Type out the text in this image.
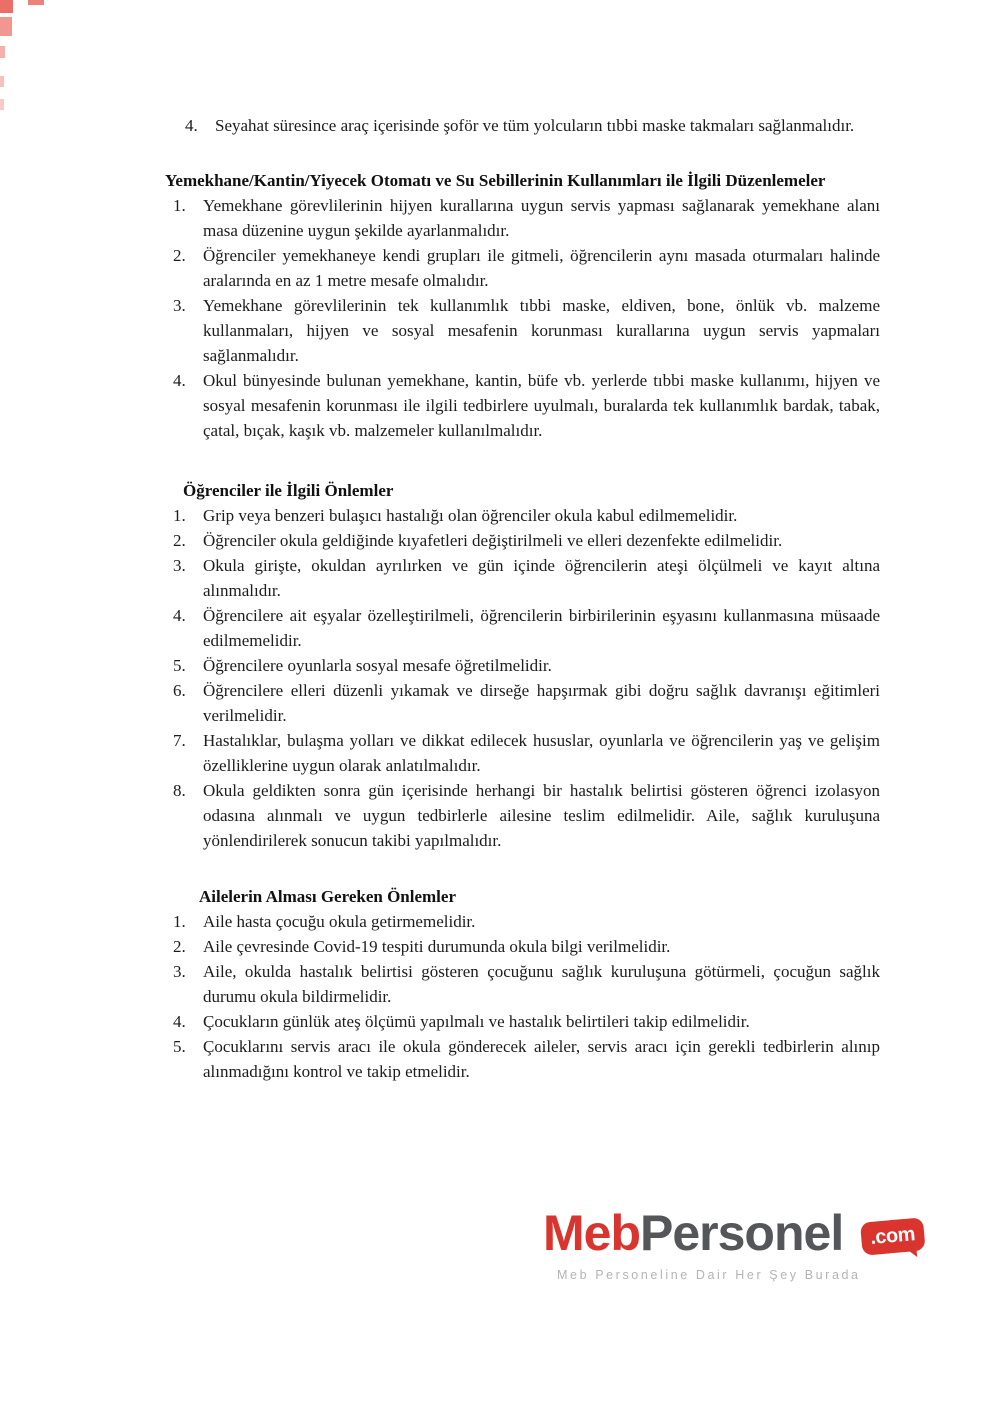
4.	Seyahat süresince araç içerisinde şoför ve tüm yolcuların tıbbi maske takmaları sağlanmalıdır.
Yemekhane/Kantin/Yiyecek Otomatı ve Su Sebillerinin Kullanımları ile İlgili Düzenlemeler
1.	Yemekhane görevlilerinin hijyen kurallarına uygun servis yapması sağlanarak yemekhane alanı masa düzenine uygun şekilde ayarlanmalıdır.
2.	Öğrenciler yemekhaneye kendi grupları ile gitmeli, öğrencilerin aynı masada oturmaları halinde aralarında en az 1 metre mesafe olmalıdır.
3.	Yemekhane görevlilerinin tek kullanımlık tıbbi maske, eldiven, bone, önlük vb. malzeme kullanmaları, hijyen ve sosyal mesafenin korunması kurallarına uygun servis yapmaları sağlanmalıdır.
4.	Okul bünyesinde bulunan yemekhane, kantin, büfe vb. yerlerde tıbbi maske kullanımı, hijyen ve sosyal mesafenin korunması ile ilgili tedbirlere uyulmalı, buralarda tek kullanımlık bardak, tabak, çatal, bıçak, kaşık vb. malzemeler kullanılmalıdır.
Öğrenciler ile İlgili Önlemler
1.	Grip veya benzeri bulaşıcı hastalığı olan öğrenciler okula kabul edilmemelidir.
2.	Öğrenciler okula geldiğinde kıyafetleri değiştirilmeli ve elleri dezenfekte edilmelidir.
3.	Okula girişte, okuldan ayrılırken ve gün içinde öğrencilerin ateşi ölçülmeli ve kayıt altına alınmalıdır.
4.	Öğrencilere ait eşyalar özelleştirilmeli, öğrencilerin birbirilerinin eşyasını kullanmasına müsaade edilmemelidir.
5.	Öğrencilere oyunlarla sosyal mesafe öğretilmelidir.
6.	Öğrencilere elleri düzenli yıkamak ve dirseğe hapşırmak gibi doğru sağlık davranışı eğitimleri verilmelidir.
7.	Hastalıklar, bulaşma yolları ve dikkat edilecek hususlar, oyunlarla ve öğrencilerin yaş ve gelişim özelliklerine uygun olarak anlatılmalıdır.
8.	Okula geldikten sonra gün içerisinde herhangi bir hastalık belirtisi gösteren öğrenci izolasyon odasına alınmalı ve uygun tedbirlerle ailesine teslim edilmelidir. Aile, sağlık kuruluşuna yönlendirilerek sonucun takibi yapılmalıdır.
Ailelerin Alması Gereken Önlemler
1.	Aile hasta çocuğu okula getirmemelidir.
2.	Aile çevresinde Covid-19 tespiti durumunda okula bilgi verilmelidir.
3.	Aile, okulda hastalık belirtisi gösteren çocuğunu sağlık kuruluşuna götürmeli, çocuğun sağlık durumu okula bildirmelidir.
4.	Çocukların günlük ateş ölçümü yapılmalı ve hastalık belirtileri takip edilmelidir.
5.	Çocuklarını servis aracı ile okula gönderecek aileler, servis aracı için gerekli tedbirlerin alınıp alınmadığını kontrol ve takip etmelidir.
MebPersonel .com
Meb Personeline Dair Her Şey Burada
